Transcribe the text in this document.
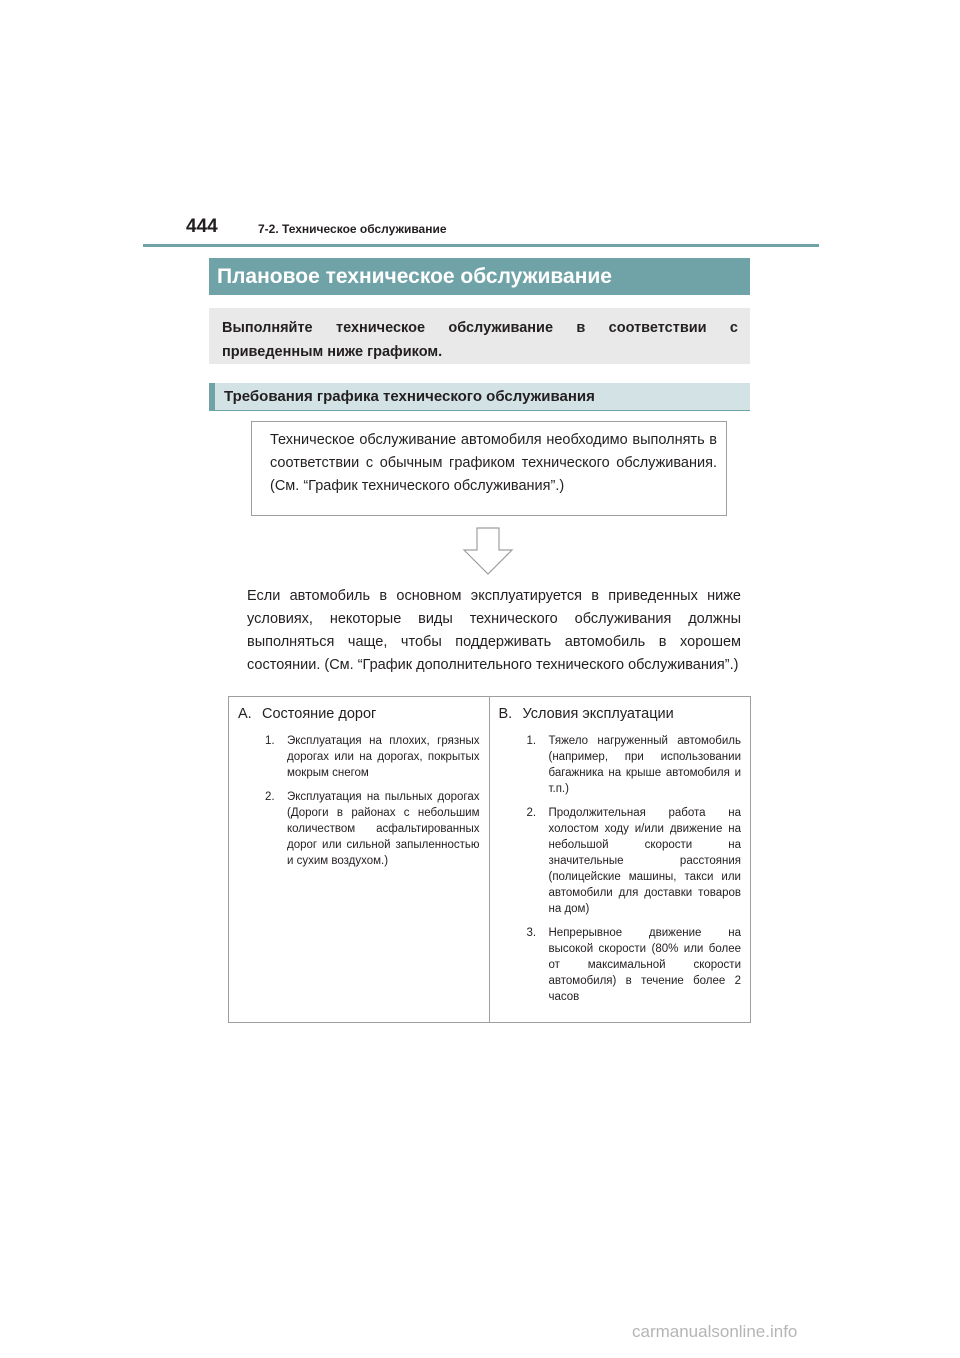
444	7-2. Техническое обслуживание
Плановое техническое обслуживание
Выполняйте техническое обслуживание в соответствии с приведенным ниже графиком.
Требования графика технического обслуживания
Техническое обслуживание автомобиля необходимо выполнять в соответствии с обычным графиком технического обслуживания. (См. “График технического обслуживания”.)
Если автомобиль в основном эксплуатируется в приведенных ниже условиях, некоторые виды технического обслуживания должны выполняться чаще, чтобы поддерживать автомобиль в хорошем состоянии. (См. “График дополнительного технического обслуживания”.)
A. Состояние дорог
1.	Эксплуатация на плохих, грязных дорогах или на дорогах, покрытых мокрым снегом
2.	Эксплуатация на пыльных дорогах (Дороги в районах с небольшим количеством асфальтированных дорог или сильной запыленностью и сухим воздухом.)
B. Условия эксплуатации
1.	Тяжело нагруженный автомобиль (например, при использовании багажника на крыше автомобиля и т.п.)
2.	Продолжительная работа на холостом ходу и/или движение на небольшой скорости на значительные расстояния (полицейские машины, такси или автомобили для доставки товаров на дом)
3.	Непрерывное движение на высокой скорости (80% или более от максимальной скорости автомобиля) в течение более 2 часов
carmanualsonline.info
